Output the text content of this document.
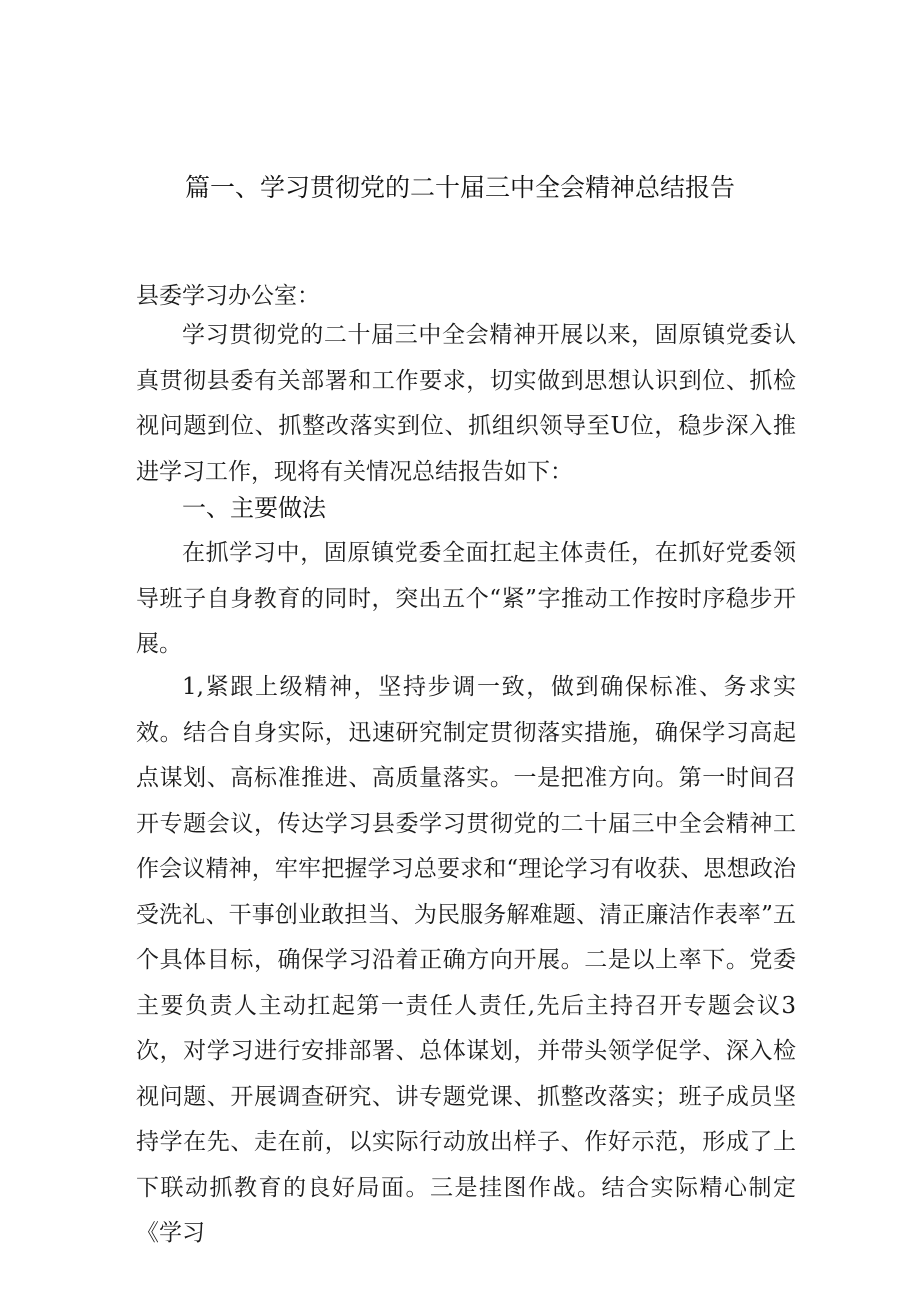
篇一、学习贯彻党的二十届三中全会精神总结报告
县委学习办公室：

学习贯彻党的二十届三中全会精神开展以来，固原镇党委认真贯彻县委有关部署和工作要求，切实做到思想认识到位、抓检视问题到位、抓整改落实到位、抓组织领导至U位，稳步深入推进学习工作，现将有关情况总结报告如下：

一、主要做法

在抓学习中，固原镇党委全面扛起主体责任，在抓好党委领导班子自身教育的同时，突出五个“紧”字推动工作按时序稳步开展。

1,紧跟上级精神，坚持步调一致，做到确保标准、务求实效。结合自身实际，迅速研究制定贯彻落实措施，确保学习高起点谋划、高标准推进、高质量落实。一是把准方向。第一时间召开专题会议，传达学习县委学习贯彻党的二十届三中全会精神工作会议精神，牢牢把握学习总要求和“理论学习有收获、思想政治受洗礼、干事创业敢担当、为民服务解难题、清正廉洁作表率”五个具体目标，确保学习沿着正确方向开展。二是以上率下。党委主要负责人主动扛起第一责任人责任,先后主持召开专题会议3次，对学习进行安排部署、总体谋划，并带头领学促学、深入检视问题、开展调查研究、讲专题党课、抓整改落实；班子成员坚持学在先、走在前，以实际行动放出样子、作好示范，形成了上下联动抓教育的良好局面。三是挂图作战。结合实际精心制定《学习
